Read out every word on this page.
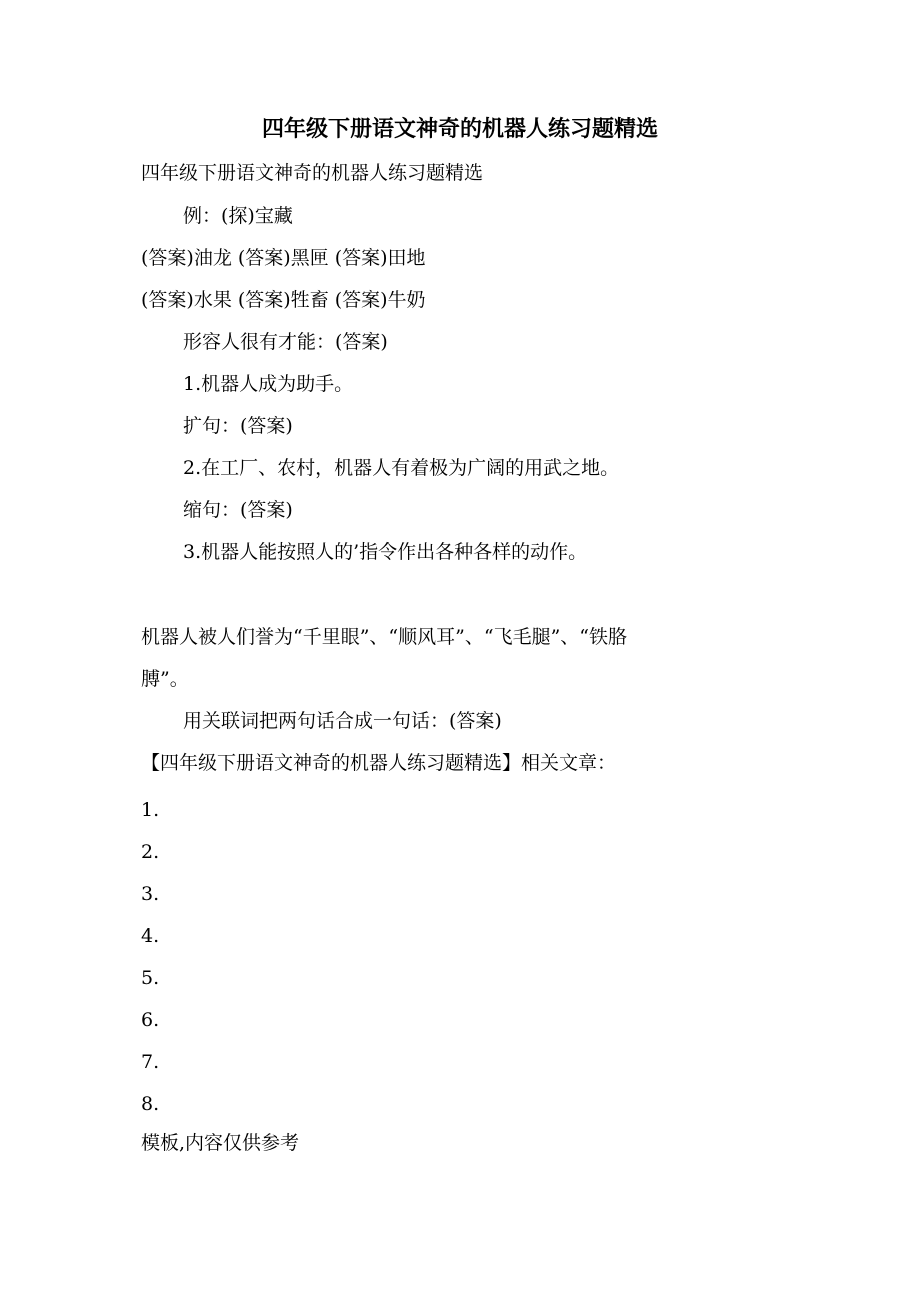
四年级下册语文神奇的机器人练习题精选
四年级下册语文神奇的机器人练习题精选
例：(探)宝藏
(答案)油龙 (答案)黑匣 (答案)田地
(答案)水果 (答案)牲畜 (答案)牛奶
形容人很有才能：(答案)
1.机器人成为助手。
扩句：(答案)
2.在工厂、农村，机器人有着极为广阔的用武之地。
缩句：(答案)
3.机器人能按照人的’指令作出各种各样的动作。
机器人被人们誉为“千里眼”、“顺风耳”、“飞毛腿”、“铁胳
膊”。
用关联词把两句话合成一句话：(答案)
【四年级下册语文神奇的机器人练习题精选】相关文章：
1.
2.
3.
4.
5.
6.
7.
8.
模板,内容仅供参考
